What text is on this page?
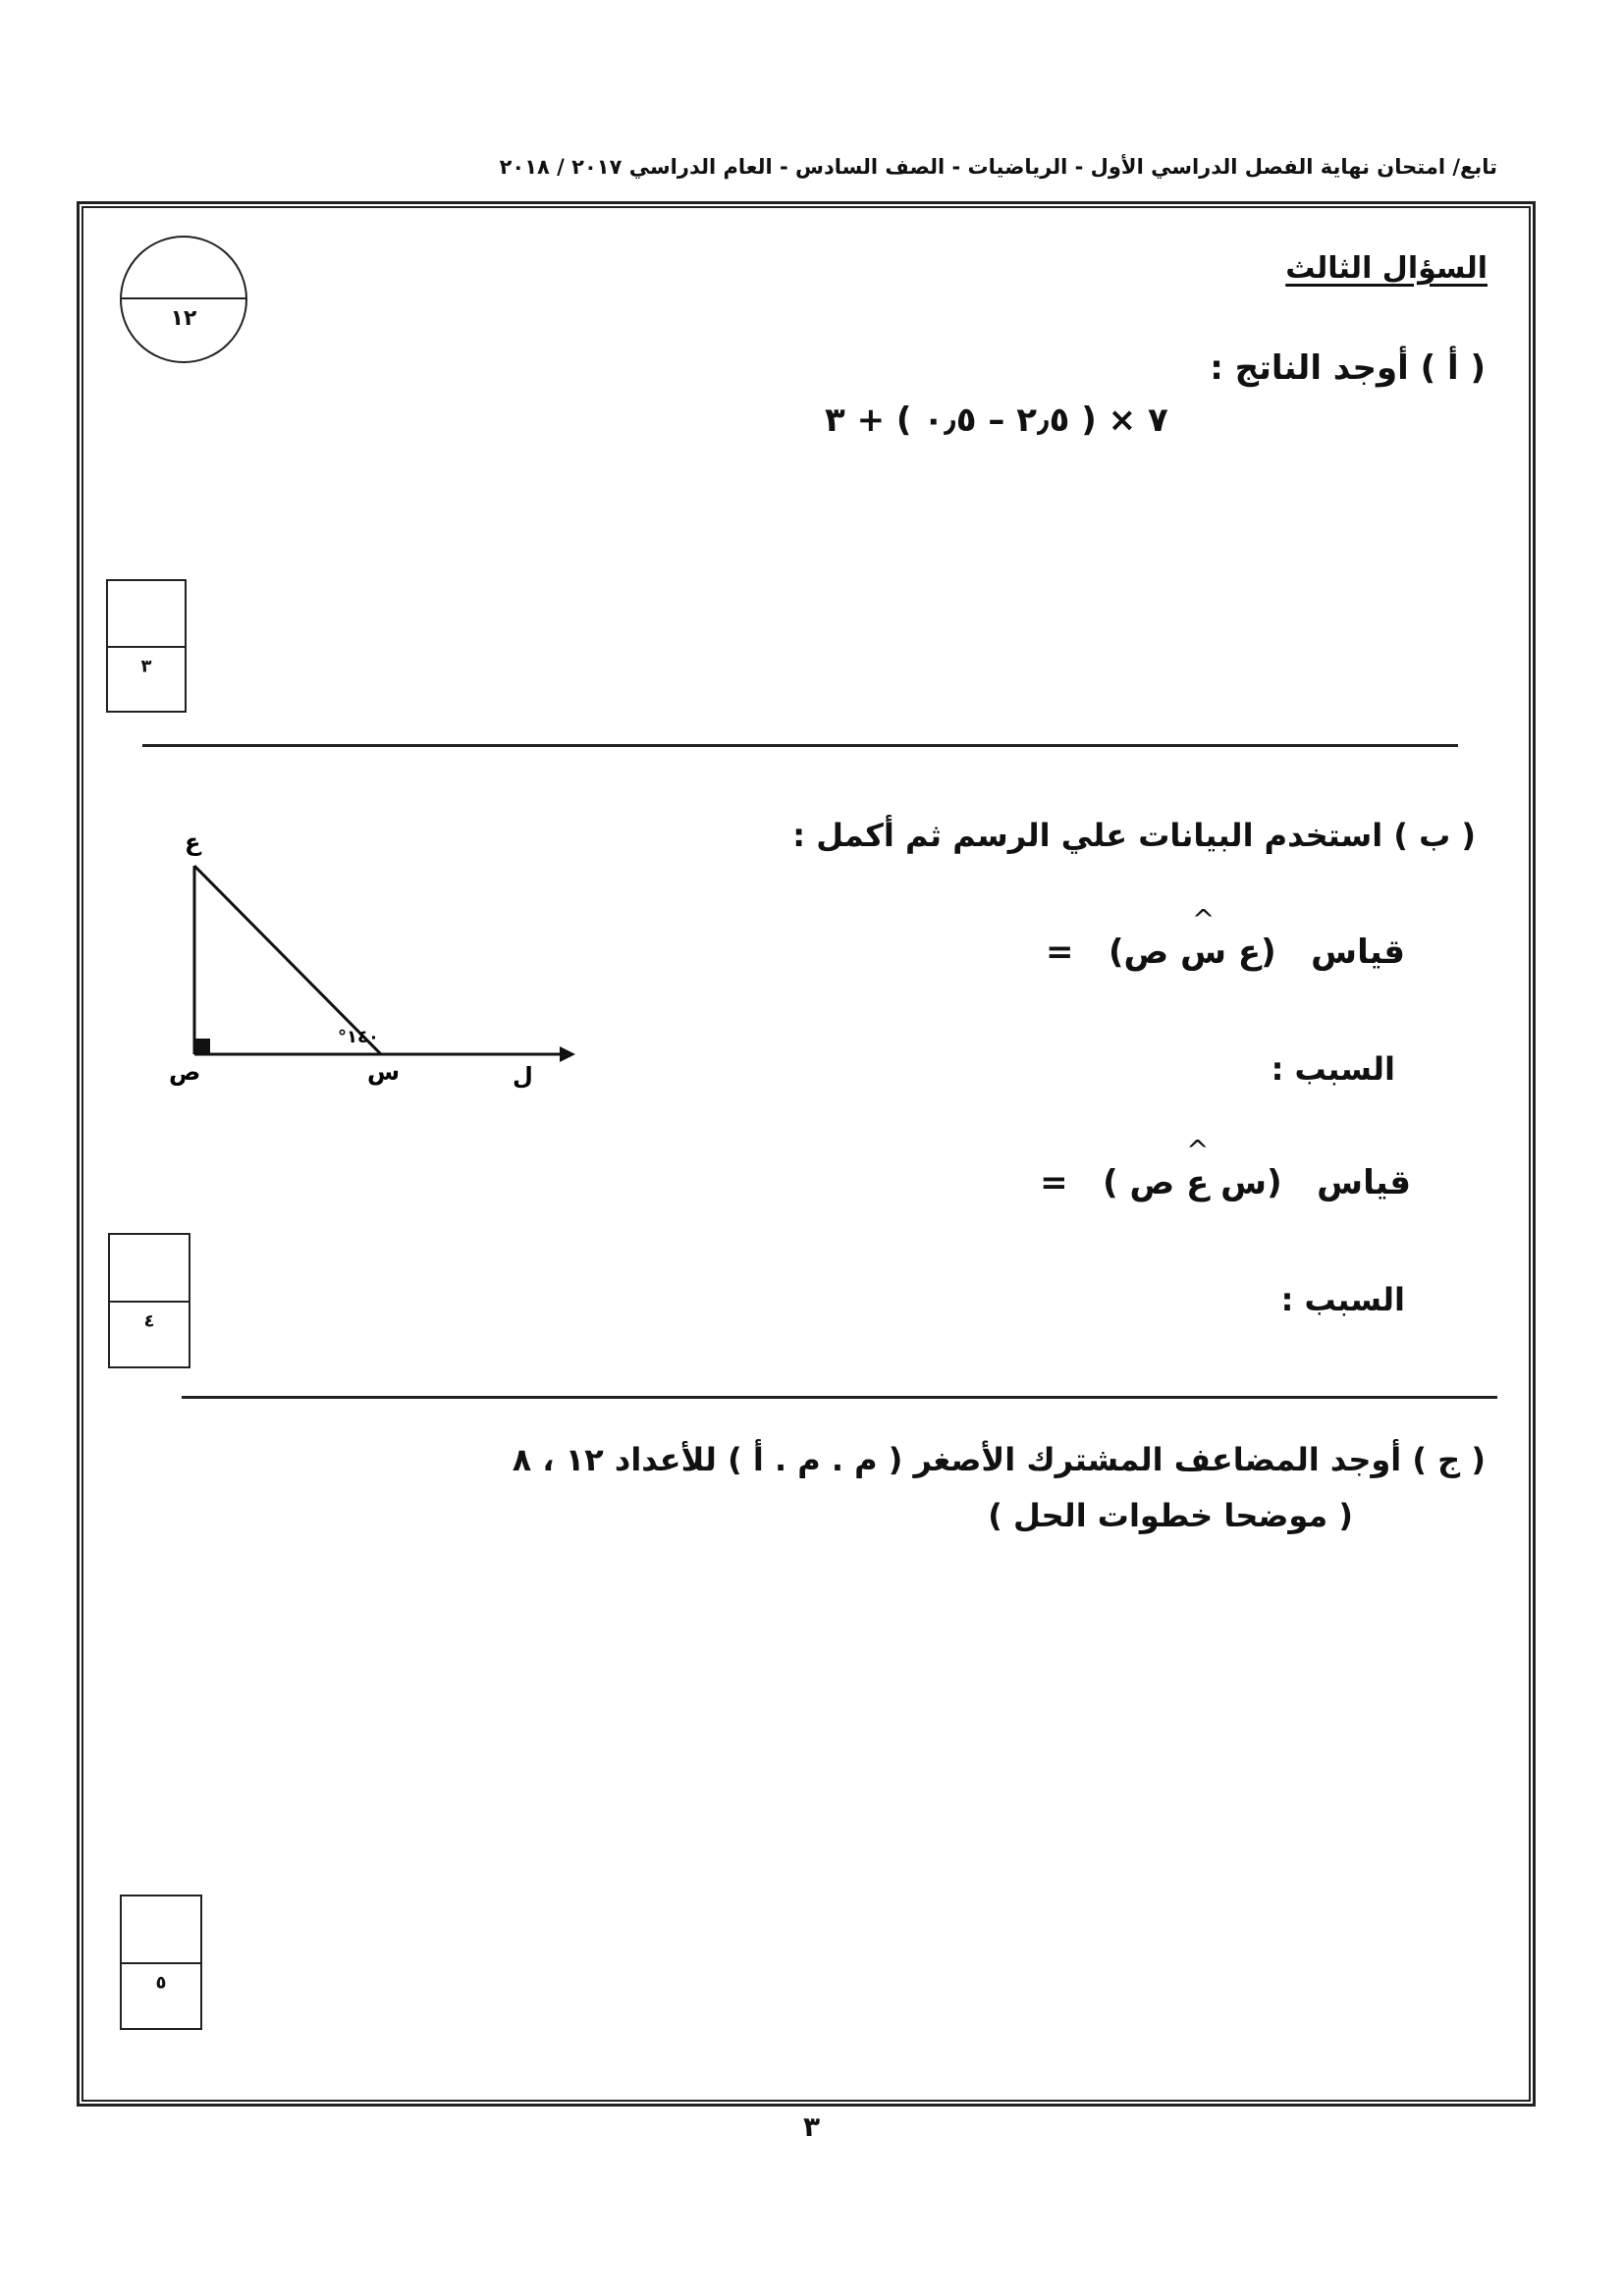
تابع/ امتحان نهاية الفصل الدراسي الأول - الرياضيات - الصف السادس - العام الدراسي ٢٠١٧ / ٢٠١٨
١٢
السؤال الثالث
( أ ) أوجد الناتج :
٧ × ( ٢٫٥ – ٠٫٥ ) + ٣
٣
( ب ) استخدم البيانات علي الرسم ثم أكمل :
ع
ص	س	ل
١٤٠°
قياس   (ع ^ س ص)   =
السبب :
قياس   (س ^ ع ص )   =
السبب :
٤
( ج ) أوجد المضاعف المشترك الأصغر ( م . م . أ ) للأعداد ١٢ ، ٨
( موضحا خطوات الحل )
٥
٣
